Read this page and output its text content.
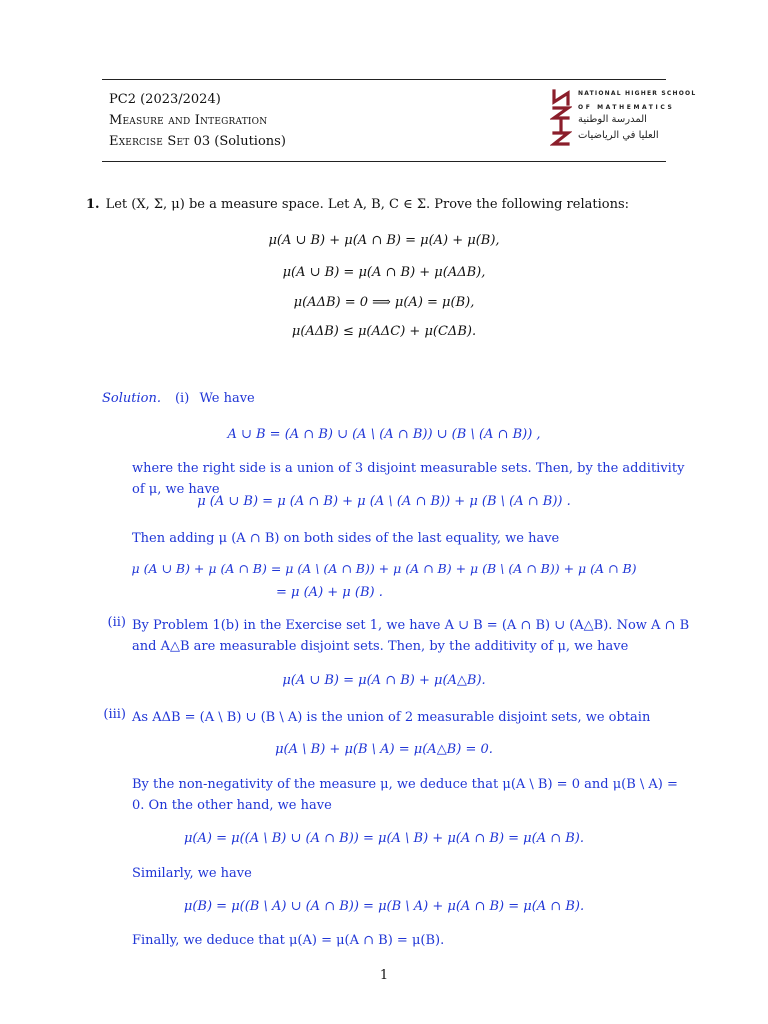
PC2 (2023/2024)
Measure and Integration
Exercise Set 03 (Solutions)
NATIONAL HIGHER SCHOOL
OF MATHEMATICS
المدرسة الوطنية
العليا في الرياضيات
1. Let (X, Σ, μ) be a measure space. Let A, B, C ∈ Σ. Prove the following relations:
μ(A ∪ B) + μ(A ∩ B) = μ(A) + μ(B),
μ(A ∪ B) = μ(A ∩ B) + μ(AΔB),
μ(AΔB) = 0 ⟹ μ(A) = μ(B),
μ(AΔB) ≤ μ(AΔC) + μ(CΔB).
Solution. (i) We have
A ∪ B = (A ∩ B) ∪ (A \ (A ∩ B)) ∪ (B \ (A ∩ B)) ,
where the right side is a union of 3 disjoint measurable sets. Then, by the additivity of μ, we have
μ (A ∪ B) = μ (A ∩ B) + μ (A \ (A ∩ B)) + μ (B \ (A ∩ B)) .
Then adding μ (A ∩ B) on both sides of the last equality, we have
μ (A ∪ B) + μ (A ∩ B) = μ (A \ (A ∩ B)) + μ (A ∩ B) + μ (B \ (A ∩ B)) + μ (A ∩ B)
= μ (A) + μ (B) .
(ii) By Problem 1(b) in the Exercise set 1, we have A ∪ B = (A ∩ B) ∪ (A△B). Now A ∩ B and A△B are measurable disjoint sets. Then, by the additivity of μ, we have
μ(A ∪ B) = μ(A ∩ B) + μ(A△B).
(iii) As AΔB = (A \ B) ∪ (B \ A) is the union of 2 measurable disjoint sets, we obtain
μ(A \ B) + μ(B \ A) = μ(A△B) = 0.
By the non-negativity of the measure μ, we deduce that μ(A \ B) = 0 and μ(B \ A) = 0. On the other hand, we have
μ(A) = μ((A \ B) ∪ (A ∩ B)) = μ(A \ B) + μ(A ∩ B) = μ(A ∩ B).
Similarly, we have
μ(B) = μ((B \ A) ∪ (A ∩ B)) = μ(B \ A) + μ(A ∩ B) = μ(A ∩ B).
Finally, we deduce that μ(A) = μ(A ∩ B) = μ(B).
1
